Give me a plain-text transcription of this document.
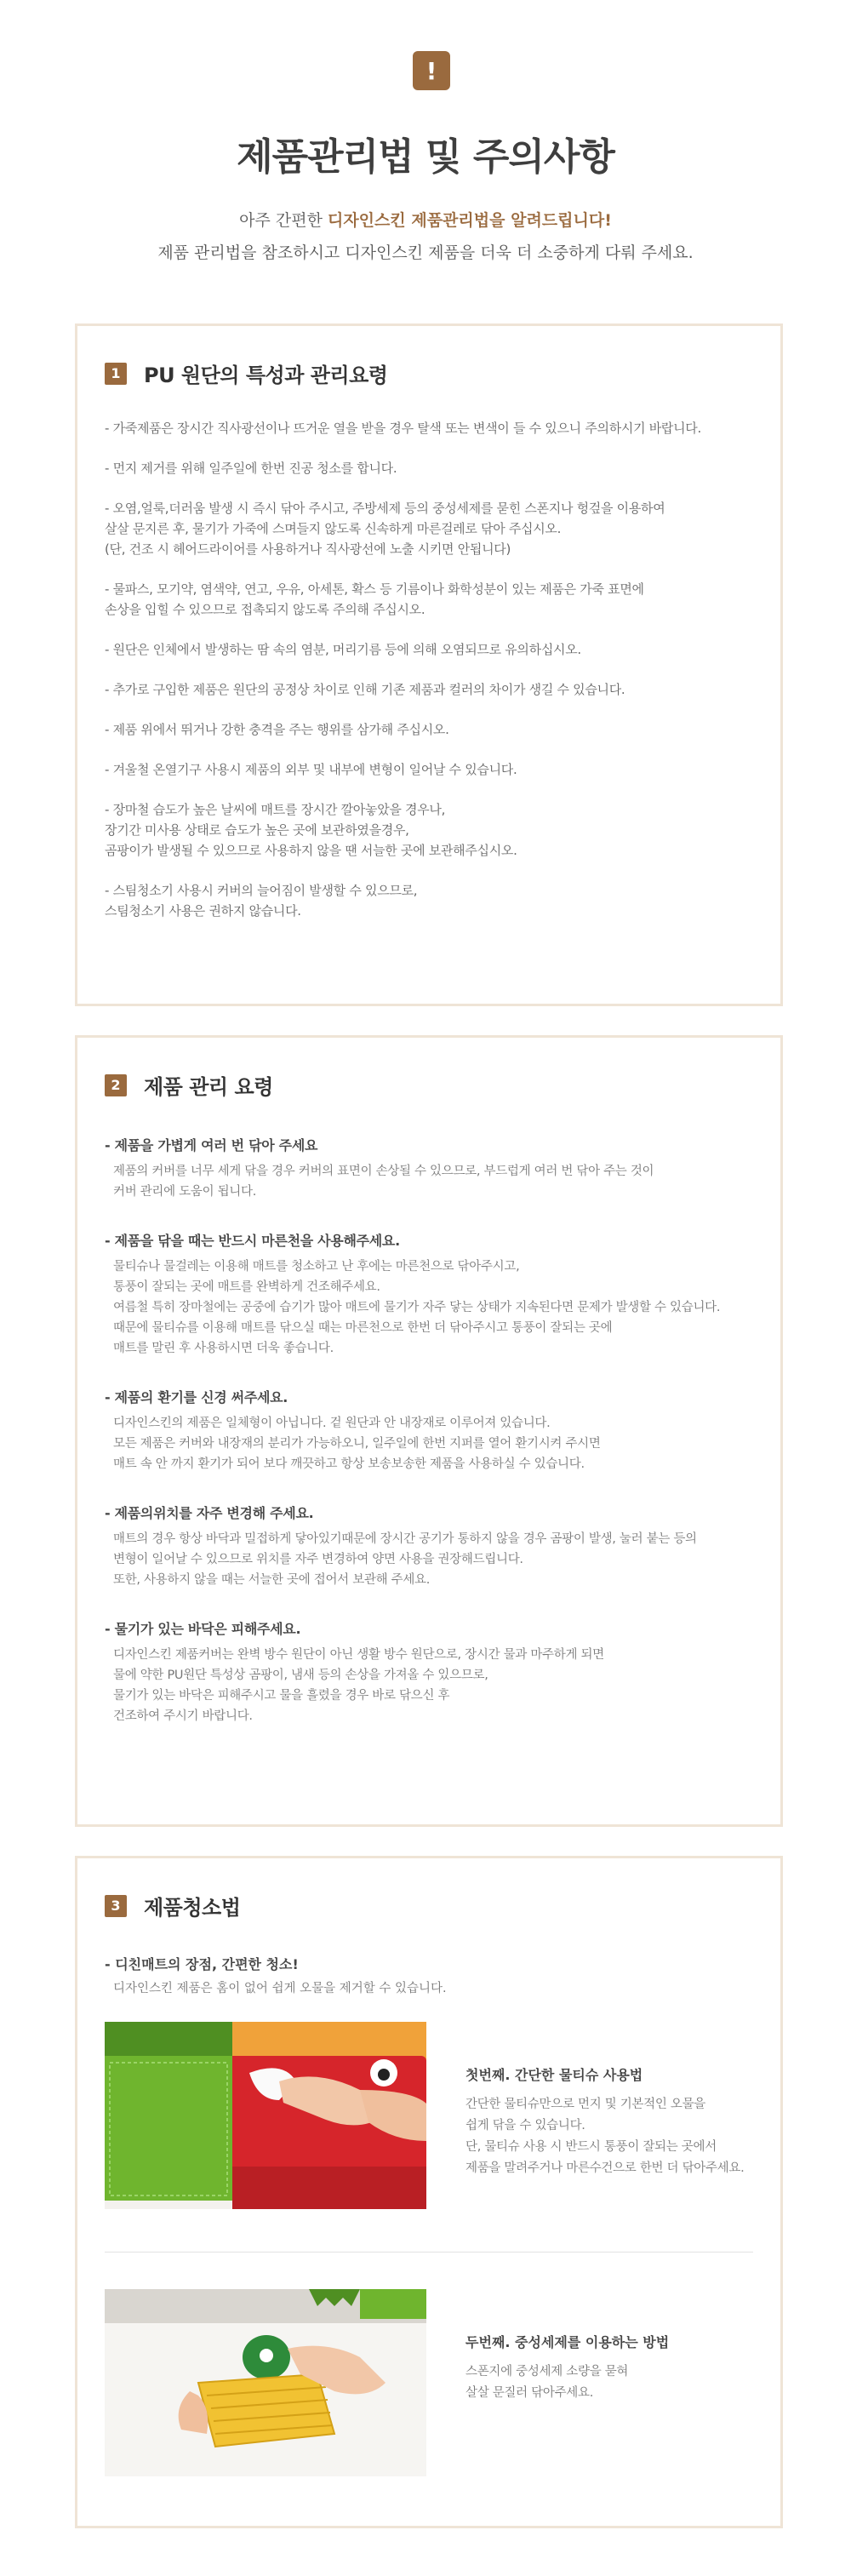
!
제품관리법 및 주의사항
아주 간편한 디자인스킨 제품관리법을 알려드립니다!
제품 관리법을 참조하시고 디자인스킨 제품을 더욱 더 소중하게 다뤄 주세요.
1	PU 원단의 특성과 관리요령

- 가죽제품은 장시간 직사광선이나 뜨거운 열을 받을 경우 탈색 또는 변색이 들 수 있으니 주의하시기 바랍니다.

- 먼지 제거를 위해 일주일에 한번 진공 청소를 합니다.

- 오염,얼룩,더러움 발생 시 즉시 닦아 주시고, 주방세제 등의 중성세제를 묻힌 스폰지나 헝겊을 이용하여
살살 문지른 후, 물기가 가죽에 스며들지 않도록 신속하게 마른걸레로 닦아 주십시오.
(단, 건조 시 헤어드라이어를 사용하거나 직사광선에 노출 시키면 안됩니다)

- 물파스, 모기약, 염색약, 연고, 우유, 아세톤, 확스 등 기름이나 화학성분이 있는 제품은 가죽 표면에
손상을 입힐 수 있으므로 접촉되지 않도록 주의해 주십시오.

- 원단은 인체에서 발생하는 땀 속의 염분, 머리기름 등에 의해 오염되므로 유의하십시오.

- 추가로 구입한 제품은 원단의 공정상 차이로 인해 기존 제품과 컬러의 차이가 생길 수 있습니다.

- 제품 위에서 뛰거나 강한 충격을 주는 행위를 삼가해 주십시오.

- 겨울철 온열기구 사용시 제품의 외부 및 내부에 변형이 일어날 수 있습니다.

- 장마철 습도가 높은 날씨에 매트를 장시간 깔아놓았을 경우나,
장기간 미사용 상태로 습도가 높은 곳에 보관하였을경우,
곰팡이가 발생될 수 있으므로 사용하지 않을 땐 서늘한 곳에 보관해주십시오.

- 스팀청소기 사용시 커버의 늘어짐이 발생할 수 있으므로,
스팀청소기 사용은 권하지 않습니다.

2	제품 관리 요령

- 제품을 가볍게 여러 번 닦아 주세요

제품의 커버를 너무 세게 닦을 경우 커버의 표면이 손상될 수 있으므로, 부드럽게 여러 번 닦아 주는 것이
커버 관리에 도움이 됩니다.

- 제품을 닦을 때는 반드시 마른천을 사용해주세요.

물티슈나 물걸레는 이용해 매트를 청소하고 난 후에는 마른천으로 닦아주시고,
통풍이 잘되는 곳에 매트를 완벽하게 건조해주세요.
여름철 특히 장마철에는 공중에 습기가 많아 매트에 물기가 자주 닿는 상태가 지속된다면 문제가 발생할 수 있습니다.
때문에 물티슈를 이용해 매트를 닦으실 때는 마른천으로 한번 더 닦아주시고 통풍이 잘되는 곳에
매트를 말린 후 사용하시면 더욱 좋습니다.

- 제품의 환기를 신경 써주세요.

디자인스킨의 제품은 일체형이 아닙니다. 겉 원단과 안 내장재로 이루어져 있습니다.
모든 제품은 커버와 내장재의 분리가 가능하오니, 일주일에 한번 지퍼를 열어 환기시켜 주시면
매트 속 안 까지 환기가 되어 보다 깨끗하고 항상 보송보송한 제품을 사용하실 수 있습니다.

- 제품의위치를 자주 변경해 주세요.

매트의 경우 항상 바닥과 밀접하게 닿아있기때문에 장시간 공기가 통하지 않을 경우 곰팡이 발생, 눌러 붙는 등의
변형이 일어날 수 있으므로 위치를 자주 변경하여 양면 사용을 권장해드립니다.
또한, 사용하지 않을 때는 서늘한 곳에 접어서 보관해 주세요.

- 물기가 있는 바닥은 피해주세요.

디자인스킨 제품커버는 완벽 방수 원단이 아닌 생활 방수 원단으로, 장시간 물과 마주하게 되면
물에 약한 PU원단 특성상 곰팡이, 냄새 등의 손상을 가져올 수 있으므로,
물기가 있는 바닥은 피해주시고 물을 흘렸을 경우 바로 닦으신 후
건조하여 주시기 바랍니다.

3	제품청소법

- 디친매트의 장점, 간편한 청소!

디자인스킨 제품은 홈이 없어 쉽게 오물을 제거할 수 있습니다.

첫번째. 간단한 물티슈 사용법

간단한 물티슈만으로 먼지 및 기본적인 오물을
쉽게 닦을 수 있습니다.
단, 물티슈 사용 시 반드시 통풍이 잘되는 곳에서
제품을 말려주거나 마른수건으로 한번 더 닦아주세요.

두번째. 중성세제를 이용하는 방법

스폰지에 중성세제 소량을 묻혀
살살 문질러 닦아주세요.
